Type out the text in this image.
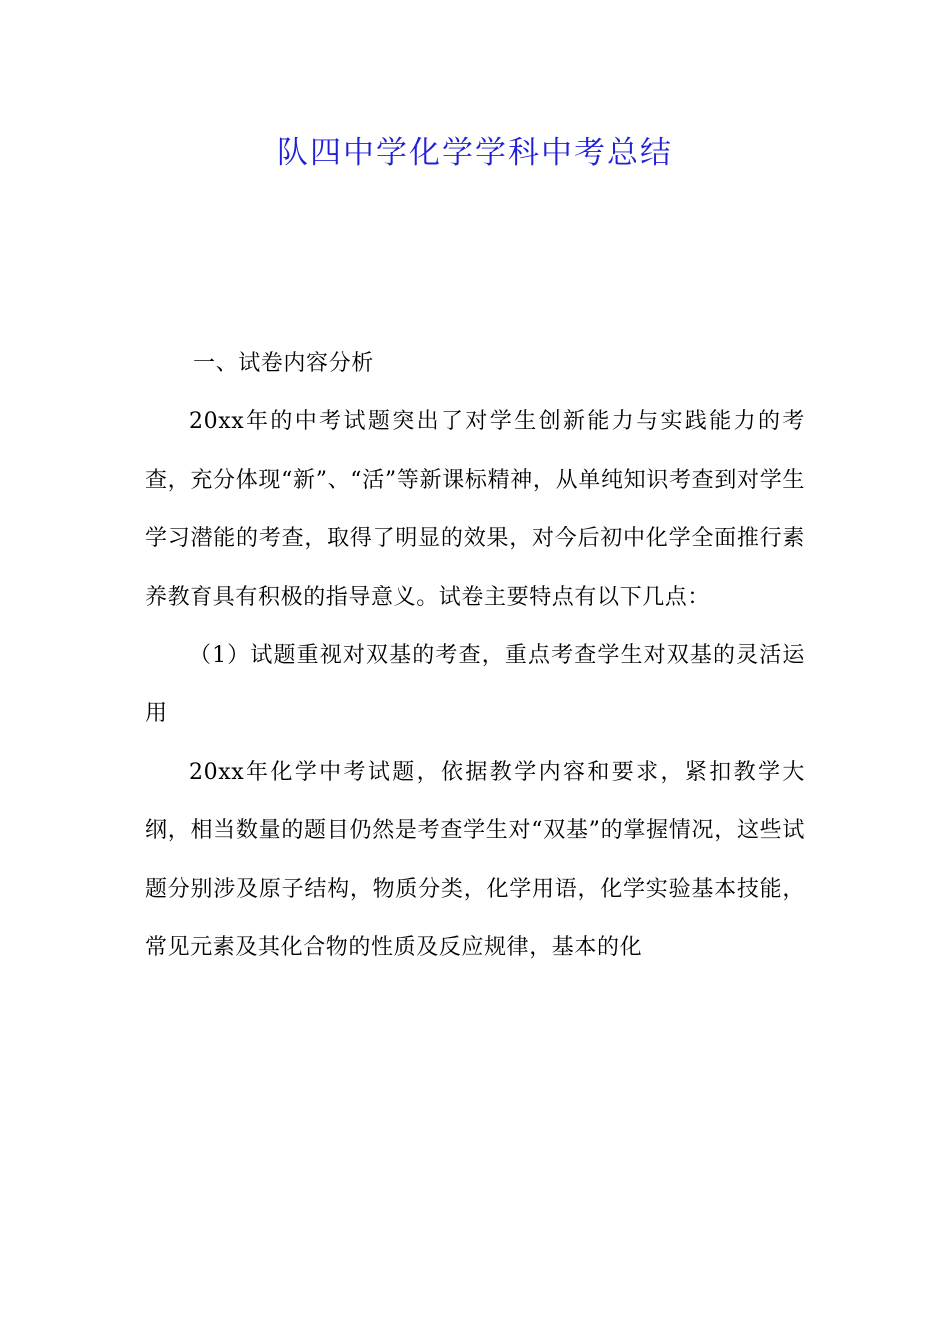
队四中学化学学科中考总结

一、试卷内容分析

20xx年的中考试题突出了对学生创新能力与实践能力的考查，充分体现“新”、“活”等新课标精神，从单纯知识考查到对学生学习潜能的考查，取得了明显的效果，对今后初中化学全面推行素养教育具有积极的指导意义。试卷主要特点有以下几点：

（1）试题重视对双基的考查，重点考查学生对双基的灵活运用

20xx年化学中考试题，依据教学内容和要求，紧扣教学大纲，相当数量的题目仍然是考查学生对“双基”的掌握情况，这些试题分别涉及原子结构，物质分类，化学用语，化学实验基本技能，常见元素及其化合物的性质及反应规律，基本的化
